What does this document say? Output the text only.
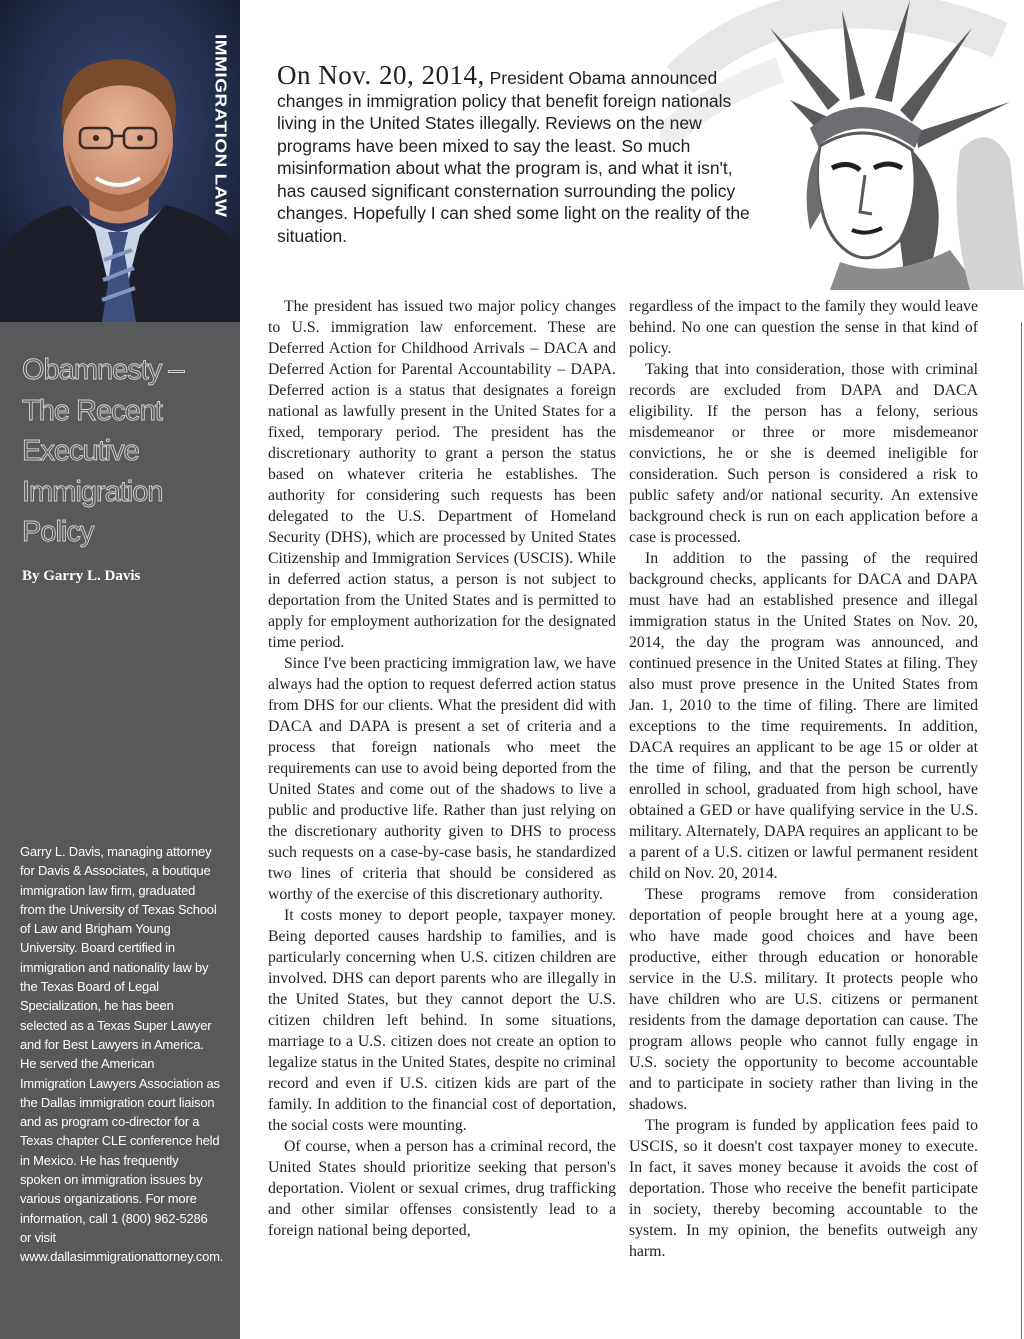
IMMIGRATION LAW
Obamnesty – The Recent Executive Immigration Policy
By Garry L. Davis
Garry L. Davis, managing attorney for Davis & Associates, a boutique immigration law firm, graduated from the University of Texas School of Law and Brigham Young University. Board certified in immigration and nationality law by the Texas Board of Legal Specialization, he has been selected as a Texas Super Lawyer and for Best Lawyers in America. He served the American Immigration Lawyers Association as the Dallas immigration court liaison and as program co-director for a Texas chapter CLE conference held in Mexico. He has frequently spoken on immigration issues by various organizations. For more information, call 1 (800) 962-5286 or visit www.dallasimmigrationattorney.com.
On Nov. 20, 2014, President Obama announced changes in immigration policy that benefit foreign nationals living in the United States illegally. Reviews on the new programs have been mixed to say the least. So much misinformation about what the program is, and what it isn't, has caused significant consternation surrounding the policy changes. Hopefully I can shed some light on the reality of the situation.

The president has issued two major policy changes to U.S. immigration law enforcement. These are Deferred Action for Childhood Arrivals – DACA and Deferred Action for Parental Accountability – DAPA. Deferred action is a status that designates a foreign national as lawfully present in the United States for a fixed, temporary period. The president has the discretionary authority to grant a person the status based on whatever criteria he establishes. The authority for considering such requests has been delegated to the U.S. Department of Homeland Security (DHS), which are processed by United States Citizenship and Immigration Services (USCIS). While in deferred action status, a person is not subject to deportation from the United States and is permitted to apply for employment authorization for the designated time period.

Since I've been practicing immigration law, we have always had the option to request deferred action status from DHS for our clients. What the president did with DACA and DAPA is present a set of criteria and a process that foreign nationals who meet the requirements can use to avoid being deported from the United States and come out of the shadows to live a public and productive life. Rather than just relying on the discretionary authority given to DHS to process such requests on a case-by-case basis, he standardized two lines of criteria that should be considered as worthy of the exercise of this discretionary authority.

It costs money to deport people, taxpayer money. Being deported causes hardship to families, and is particularly concerning when U.S. citizen children are involved. DHS can deport parents who are illegally in the United States, but they cannot deport the U.S. citizen children left behind. In some situations, marriage to a U.S. citizen does not create an option to legalize status in the United States, despite no criminal record and even if U.S. citizen kids are part of the family. In addition to the financial cost of deportation, the social costs were mounting.

Of course, when a person has a criminal record, the United States should prioritize seeking that person's deportation. Violent or sexual crimes, drug trafficking and other similar offenses consistently lead to a foreign national being deported,

regardless of the impact to the family they would leave behind. No one can question the sense in that kind of policy.

Taking that into consideration, those with criminal records are excluded from DAPA and DACA eligibility. If the person has a felony, serious misdemeanor or three or more misdemeanor convictions, he or she is deemed ineligible for consideration. Such person is considered a risk to public safety and/or national security. An extensive background check is run on each application before a case is processed.

In addition to the passing of the required background checks, applicants for DACA and DAPA must have had an established presence and illegal immigration status in the United States on Nov. 20, 2014, the day the program was announced, and continued presence in the United States at filing. They also must prove presence in the United States from Jan. 1, 2010 to the time of filing. There are limited exceptions to the time requirements. In addition, DACA requires an applicant to be age 15 or older at the time of filing, and that the person be currently enrolled in school, graduated from high school, have obtained a GED or have qualifying service in the U.S. military. Alternately, DAPA requires an applicant to be a parent of a U.S. citizen or lawful permanent resident child on Nov. 20, 2014.

These programs remove from consideration deportation of people brought here at a young age, who have made good choices and have been productive, either through education or honorable service in the U.S. military. It protects people who have children who are U.S. citizens or permanent residents from the damage deportation can cause. The program allows people who cannot fully engage in U.S. society the opportunity to become accountable and to participate in society rather than living in the shadows.

The program is funded by application fees paid to USCIS, so it doesn't cost taxpayer money to execute. In fact, it saves money because it avoids the cost of deportation. Those who receive the benefit participate in society, thereby becoming accountable to the system. In my opinion, the benefits outweigh any harm.
